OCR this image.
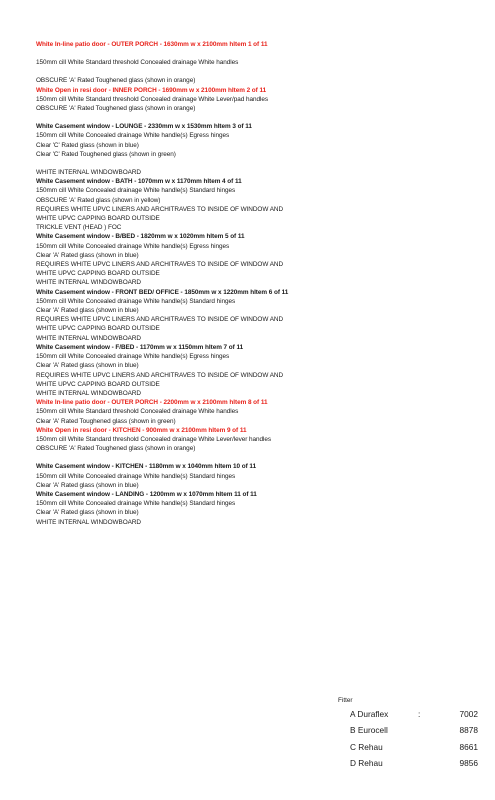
White In-line patio door - OUTER PORCH - 1630mm w x 2100mm hItem 1 of 11
150mm cill White Standard threshold Concealed drainage White handles
OBSCURE 'A' Rated Toughened glass (shown in orange)
White Open in resi door - INNER PORCH - 1690mm w x 2100mm hItem 2 of 11
150mm cill White Standard threshold Concealed drainage White Lever/pad handles
OBSCURE 'A' Rated Toughened glass (shown in orange)
White Casement window - LOUNGE - 2330mm w x 1530mm hItem 3 of 11
150mm cill White Concealed drainage White handle(s) Egress hinges
Clear 'C' Rated glass (shown in blue)
Clear 'C' Rated Toughened glass (shown in green)
WHITE INTERNAL WINDOWBOARD
White Casement window - BATH - 1070mm w x 1170mm hItem 4 of 11
150mm cill White Concealed drainage White handle(s) Standard hinges
OBSCURE 'A' Rated glass (shown in yellow)
REQUIRES WHITE UPVC LINERS AND ARCHITRAVES TO INSIDE OF WINDOW AND
WHITE UPVC CAPPING BOARD OUTSIDE
TRICKLE VENT (HEAD ) FOC
White Casement window - B/BED - 1820mm w x 1020mm hItem 5 of 11
150mm cill White Concealed drainage White handle(s) Egress hinges
Clear 'A' Rated glass (shown in blue)
REQUIRES WHITE UPVC LINERS AND ARCHITRAVES TO INSIDE OF WINDOW AND
WHITE UPVC CAPPING BOARD OUTSIDE
WHITE INTERNAL WINDOWBOARD
White Casement window - FRONT BED/ OFFICE - 1850mm w x 1220mm hItem 6 of 11
150mm cill White Concealed drainage White handle(s) Standard hinges
Clear 'A' Rated glass (shown in blue)
REQUIRES WHITE UPVC LINERS AND ARCHITRAVES TO INSIDE OF WINDOW AND
WHITE UPVC CAPPING BOARD OUTSIDE
WHITE INTERNAL WINDOWBOARD
White Casement window - F/BED - 1170mm w x 1150mm hItem 7 of 11
150mm cill White Concealed drainage White handle(s) Egress hinges
Clear 'A' Rated glass (shown in blue)
REQUIRES WHITE UPVC LINERS AND ARCHITRAVES TO INSIDE OF WINDOW AND
WHITE UPVC CAPPING BOARD OUTSIDE
WHITE INTERNAL WINDOWBOARD
White In-line patio door - OUTER PORCH - 2200mm w x 2100mm hItem 8 of 11
150mm cill White Standard threshold Concealed drainage White handles
Clear 'A' Rated Toughened glass (shown in green)
White Open in resi door - KITCHEN - 900mm w x 2100mm hItem 9 of 11
150mm cill White Standard threshold Concealed drainage White Lever/lever handles
OBSCURE 'A' Rated Toughened glass (shown in orange)
White Casement window - KITCHEN - 1180mm w x 1040mm hItem 10 of 11
150mm cill White Concealed drainage White handle(s) Standard hinges
Clear 'A' Rated glass (shown in blue)
White Casement window - LANDING - 1200mm w x 1070mm hItem 11 of 11
150mm cill White Concealed drainage White handle(s) Standard hinges
Clear 'A' Rated glass (shown in blue)
WHITE INTERNAL WINDOWBOARD
Fitter
A Duraflex	:	7002
B Eurocell	8878
C Rehau	8661
D Rehau	9856
